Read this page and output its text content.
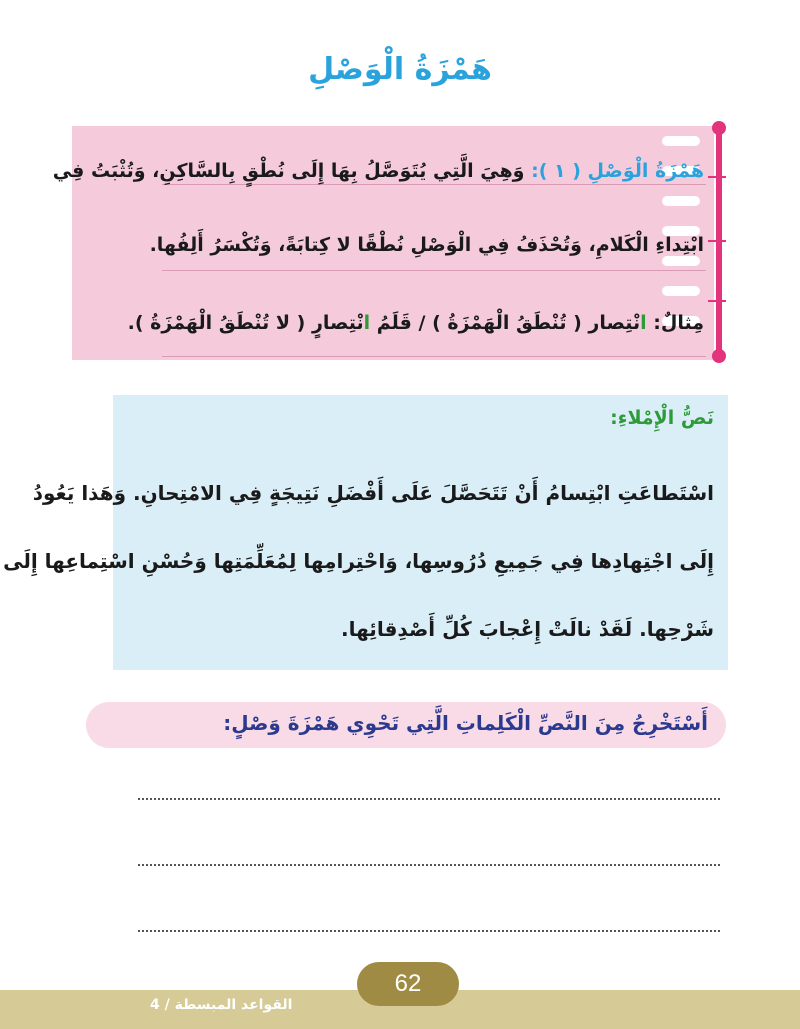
هَمْزَةُ الْوَصْلِ
هَمْزَةُ الْوَصْلِ ( ١ ): وَهِيَ الَّتِي يُتَوَصَّلُ بِهَا إِلَى نُطْقٍ بِالسَّاكِنِ، وَتُثْبَتُ فِي
ابْتِداءِ الْكَلامِ، وَتُحْذَفُ فِي الْوَصْلِ نُطْقًا لا كِتابَةً، وَتُكْسَرُ أَلِفُها.
مِثالٌ: انْتِصار ( تُنْطَقُ الْهَمْزَةُ ) / قَلَمُ انْتِصارٍ ( لا تُنْطَقُ الْهَمْزَةُ ).
نَصُّ الْإِمْلاءِ:
اسْتَطاعَتِ ابْتِسامُ أَنْ تَتَحَصَّلَ عَلَى أَفْضَلِ نَتِيجَةٍ فِي الامْتِحانِ. وَهَذا يَعُودُ
إِلَى اجْتِهادِها فِي جَمِيعِ دُرُوسِها، وَاحْتِرامِها لِمُعَلِّمَتِها وَحُسْنِ اسْتِماعِها إِلَى
شَرْحِها. لَقَدْ نالَتْ إِعْجابَ كُلِّ أَصْدِقائِها.
أَسْتَخْرِجُ مِنَ النَّصِّ الْكَلِماتِ الَّتِي تَحْوِي هَمْزَةَ وَصْلٍ:
62
القواعد المبسطة / 4
